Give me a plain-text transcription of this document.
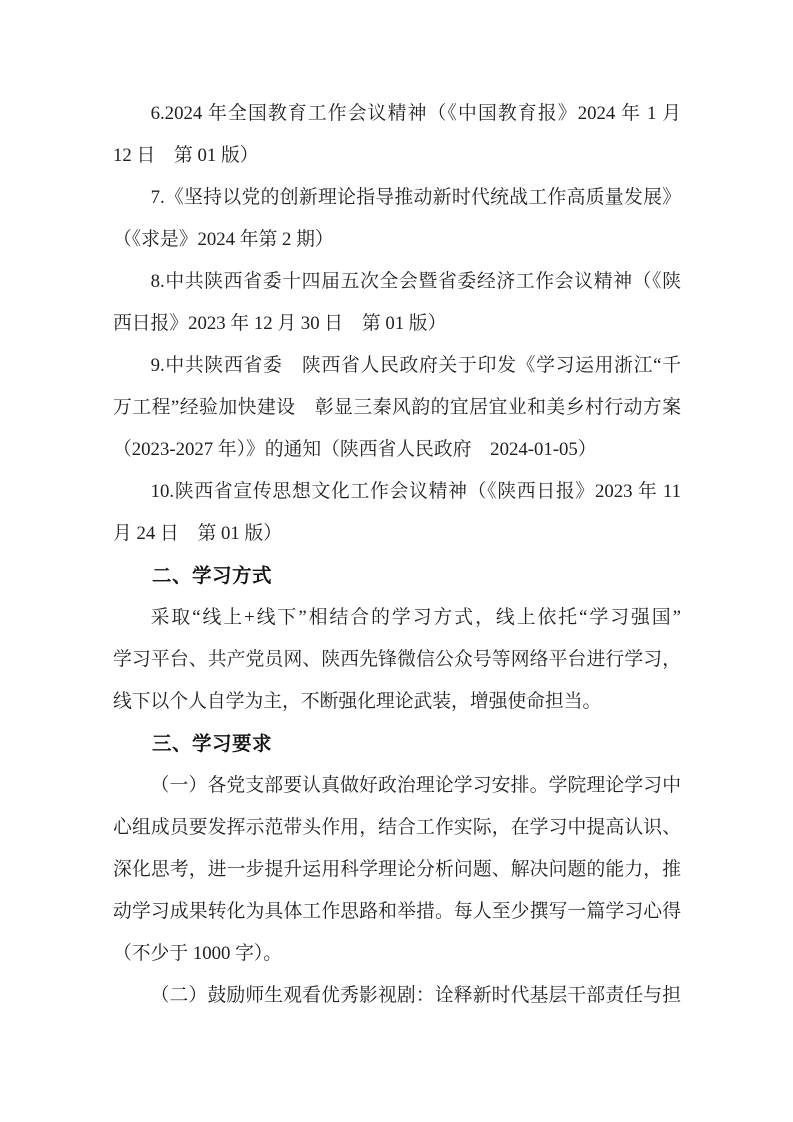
6.2024 年全国教育工作会议精神（《中国教育报》2024 年 1 月
12 日　第 01 版）

7.《坚持以党的创新理论指导推动新时代统战工作高质量发展》
（《求是》2024 年第 2 期）

8.中共陕西省委十四届五次全会暨省委经济工作会议精神（《陕
西日报》2023 年 12 月 30 日　第 01 版）

9.中共陕西省委　陕西省人民政府关于印发《学习运用浙江“千
万工程”经验加快建设　彰显三秦风韵的宜居宜业和美乡村行动方案
（2023-2027 年）》的通知（陕西省人民政府　2024-01-05）

10.陕西省宣传思想文化工作会议精神（《陕西日报》2023 年 11
月 24 日　第 01 版）

二、学习方式

采取“线上+线下”相结合的学习方式，线上依托“学习强国”
学习平台、共产党员网、陕西先锋微信公众号等网络平台进行学习，
线下以个人自学为主，不断强化理论武装，增强使命担当。

三、学习要求

（一）各党支部要认真做好政治理论学习安排。学院理论学习中
心组成员要发挥示范带头作用，结合工作实际，在学习中提高认识、
深化思考，进一步提升运用科学理论分析问题、解决问题的能力，推
动学习成果转化为具体工作思路和举措。每人至少撰写一篇学习心得
（不少于 1000 字）。

（二）鼓励师生观看优秀影视剧：诠释新时代基层干部责任与担
